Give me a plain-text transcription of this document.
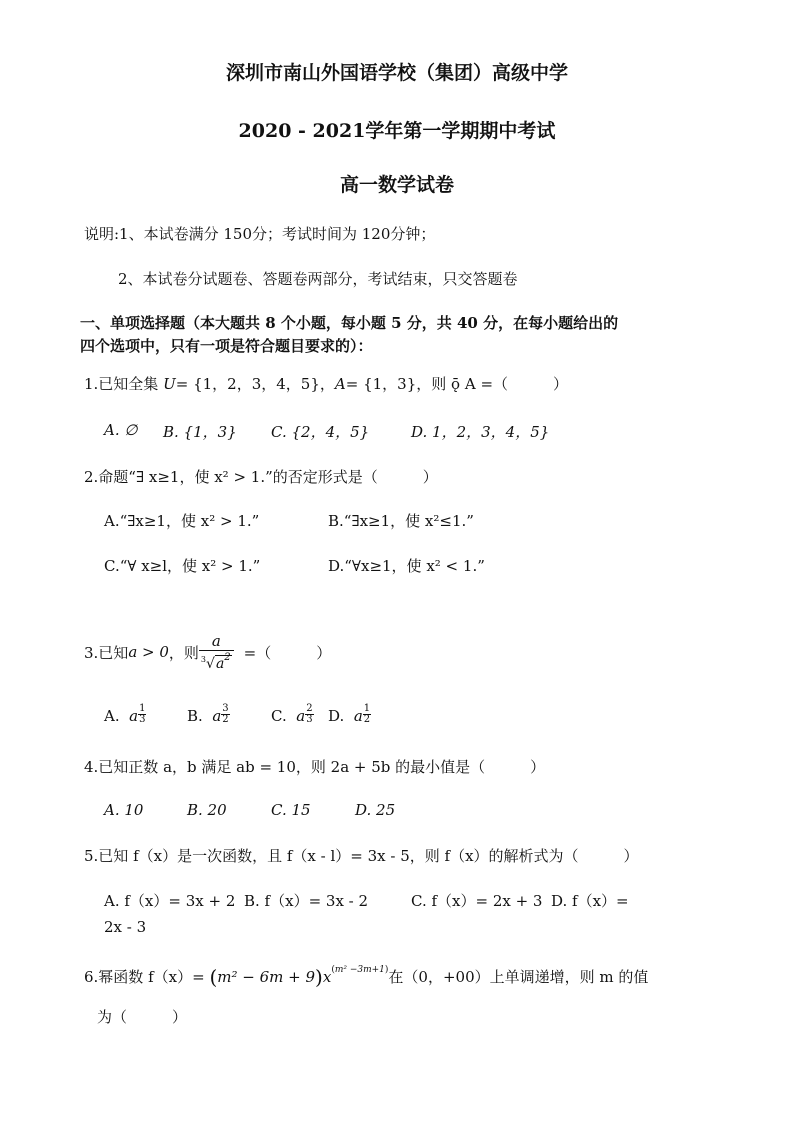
深圳市南山外国语学校（集团）高级中学
2020 - 2021学年第一学期期中考试
高一数学试卷
说明:1、本试卷满分 150分；考试时间为 120分钟；
2、本试卷分试题卷、答题卷两部分，考试结束，只交答题卷
一、单项选择题（本大题共 8 个小题，每小题 5 分，共 40 分，在每小题给出的
四个选项中，只有一项是符合题目要求的）：
1.已知全集 U= {1，2，3，4，5}，A= {1，3}，则 ǭ A =（　　　）
A. ∅ B. {1，3} C. {2，4，5}	D. 1，2，3，4，5}
2.命题“∃ x≥1，使 x² > 1.”的否定形式是（　　　）
A.“∃x≥1，使 x² > 1.”	B.“∃x≥1，使 x²≤1.”
C.“∀ x≥l，使 x² > 1.”	D.“∀x≥1，使 x² < 1.”
3.已知 a > 0 ，则 $\frac{a}{^3√a^2}$ =（　　　）
A. a $\frac{1}{3}$	B. a $\frac{3}{2}$	C. a $\frac{2}{3} D$. a $\frac{1}{2}$
4.已知正数 a，b 满足 ab = 10，则 2a + 5b 的最小值是（　　　）
A. 10	B. 20	C. 15	D. 25
5.已知 f（x）是一次函数，且 f（x - l）= 3x - 5，则 f（x）的解析式为（　　　）
A. f（x）= 3x + 2 B. f（x）= 3x - 2	C. f（x）= 2x + 3 D. f（x）=
2x - 3
6.幂函数 $f(x)= (m^2 - 6m + 9)x^{(m^2 -3m+1)}$在（0，+00）上单调递增，则 m 的值
为（　　　）
